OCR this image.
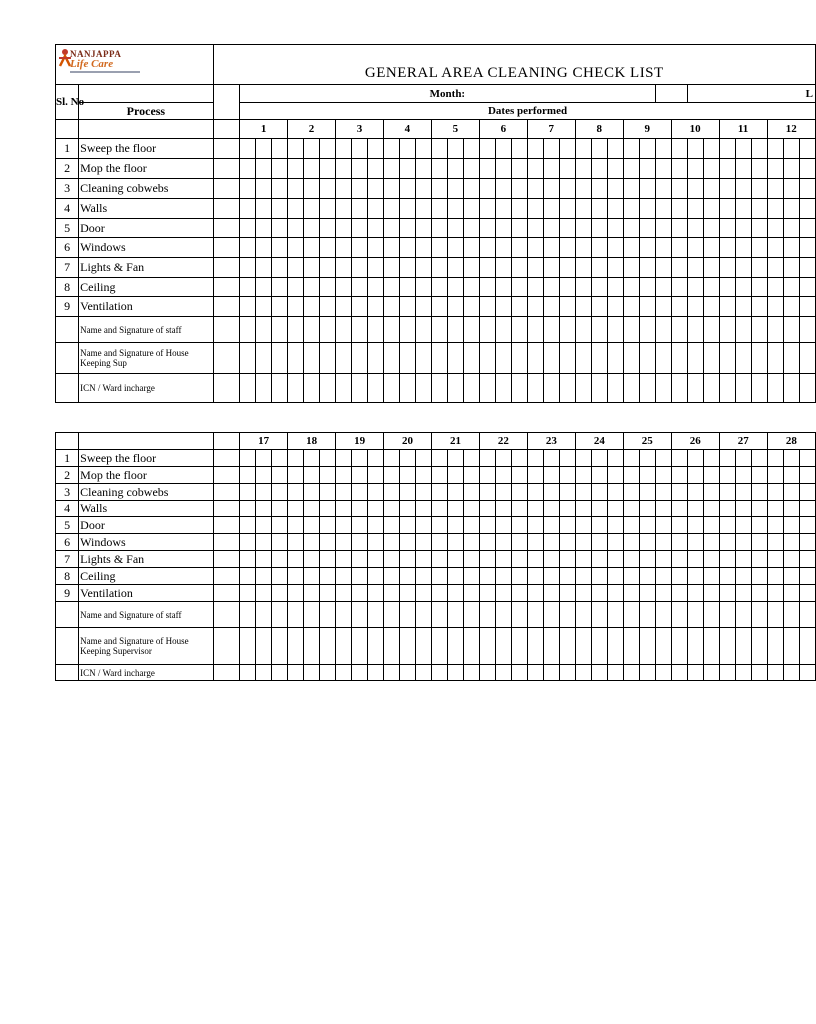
NANJAPPA
Life Care		GENERAL AREA CLEANING CHECK LIST																																				
Sl. No			Month:																												L							
	Process		Dates performed																																			
			1			2			3			4			5			6			7			8			9			10			11			12		
1	Sweep the floor																																					
2	Mop the floor																																					
3	Cleaning cobwebs																																					
4	Walls																																					
5	Door																																					
6	Windows																																					
7	Lights & Fan																																					
8	Ceiling																																					
9	Ventilation																																					
	Name and Signature of staff																																					
	Name and Signature of House Keeping Sup																																					
	ICN / Ward incharge																																					
			17			18			19			20			21			22			23			24			25			26			27			28		
1	Sweep the floor																																					
2	Mop the floor																																					
3	Cleaning cobwebs																																					
4	Walls																																					
5	Door																																					
6	Windows																																					
7	Lights & Fan																																					
8	Ceiling																																					
9	Ventilation																																					
	Name and Signature of staff																																					
	Name and Signature of House Keeping Supervisor																																					
	ICN / Ward incharge																																					
